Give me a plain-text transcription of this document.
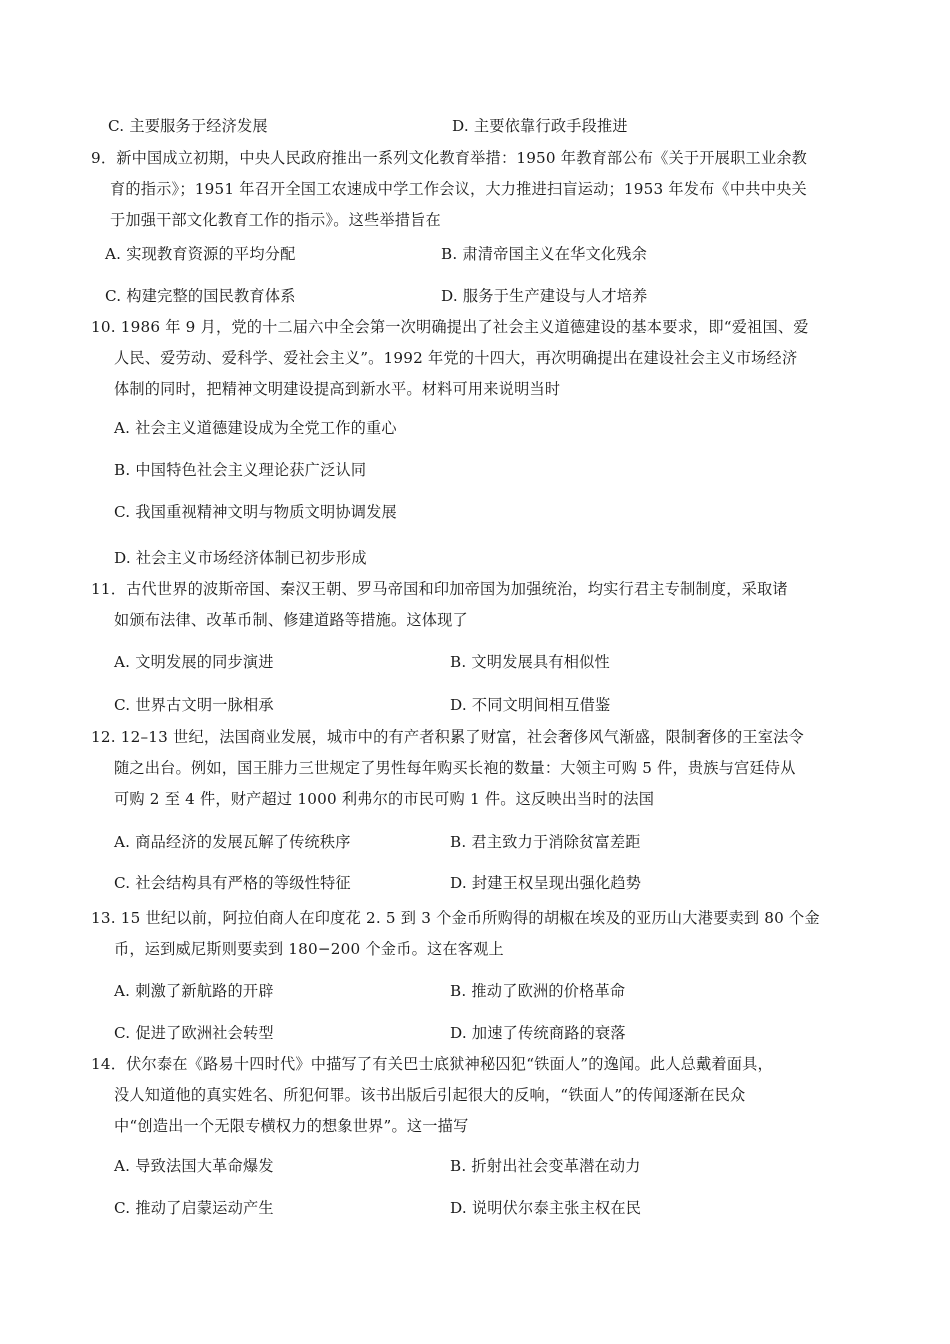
C. 主要服务于经济发展	D. 主要依靠行政手段推进
9．新中国成立初期，中央人民政府推出一系列文化教育举措：1950 年教育部公布《关于开展职工业余教
育的指示》；1951 年召开全国工农速成中学工作会议，大力推进扫盲运动；1953 年发布《中共中央关
于加强干部文化教育工作的指示》。这些举措旨在
A. 实现教育资源的平均分配	B. 肃清帝国主义在华文化残余
C. 构建完整的国民教育体系	D. 服务于生产建设与人才培养
10. 1986 年 9 月，党的十二届六中全会第一次明确提出了社会主义道德建设的基本要求，即“爱祖国、爱
人民、爱劳动、爱科学、爱社会主义”。1992 年党的十四大，再次明确提出在建设社会主义市场经济
体制的同时，把精神文明建设提高到新水平。材料可用来说明当时
A. 社会主义道德建设成为全党工作的重心
B. 中国特色社会主义理论获广泛认同
C. 我国重视精神文明与物质文明协调发展
D. 社会主义市场经济体制已初步形成
11．古代世界的波斯帝国、秦汉王朝、罗马帝国和印加帝国为加强统治，均实行君主专制制度，采取诸
如颁布法律、改革币制、修建道路等措施。这体现了
A. 文明发展的同步演进	B. 文明发展具有相似性
C. 世界古文明一脉相承	D. 不同文明间相互借鉴
12. 12–13 世纪，法国商业发展，城市中的有产者积累了财富，社会奢侈风气渐盛，限制奢侈的王室法令
随之出台。例如，国王腓力三世规定了男性每年购买长袍的数量：大领主可购 5 件，贵族与宫廷侍从
可购 2 至 4 件，财产超过 1000 利弗尔的市民可购 1 件。这反映出当时的法国
A. 商品经济的发展瓦解了传统秩序	B. 君主致力于消除贫富差距
C. 社会结构具有严格的等级性特征	D. 封建王权呈现出强化趋势
13. 15 世纪以前，阿拉伯商人在印度花 2. 5 到 3 个金币所购得的胡椒在埃及的亚历山大港要卖到 80 个金
币，运到威尼斯则要卖到 180−200 个金币。这在客观上
A. 刺激了新航路的开辟	B. 推动了欧洲的价格革命
C. 促进了欧洲社会转型	D. 加速了传统商路的衰落
14．伏尔泰在《路易十四时代》中描写了有关巴士底狱神秘囚犯“铁面人”的逸闻。此人总戴着面具，
没人知道他的真实姓名、所犯何罪。该书出版后引起很大的反响，“铁面人”的传闻逐渐在民众
中“创造出一个无限专横权力的想象世界”。这一描写
A. 导致法国大革命爆发	B. 折射出社会变革潜在动力
C. 推动了启蒙运动产生	D. 说明伏尔泰主张主权在民
